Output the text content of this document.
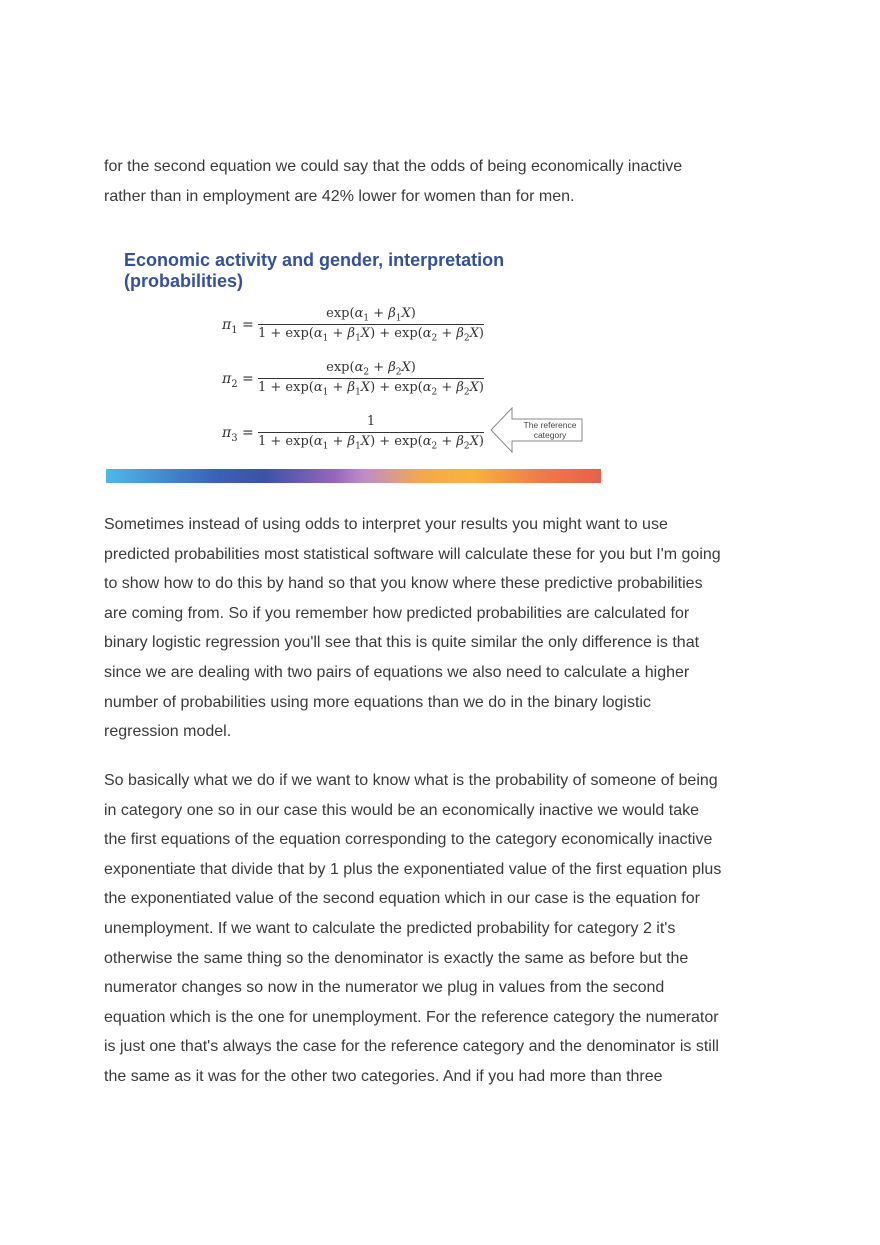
for the second equation we could say that the odds of being economically inactive
rather than in employment are 42% lower for women than for men.

Economic activity and gender, interpretation
(probabilities)
$\pi_1$ =
$\exp(\alpha_1 + \beta_1X)$
$1 + \exp(\alpha_1 + \beta_1X) + \exp(\alpha_2 + \beta_2X)$
$\pi_2$ =
$\exp(\alpha_2 + \beta_2X)$
$1 + \exp(\alpha_1 + \beta_1X) + \exp(\alpha_2 + \beta_2X)$
$\pi_3$ =
1
$1 + \exp(\alpha_1 + \beta_1X) + \exp(\alpha_2 + \beta_2X)$
The reference
category

Sometimes instead of using odds to interpret your results you might want to use
predicted probabilities most statistical software will calculate these for you but I'm going
to show how to do this by hand so that you know where these predictive probabilities
are coming from. So if you remember how predicted probabilities are calculated for
binary logistic regression you'll see that this is quite similar the only difference is that
since we are dealing with two pairs of equations we also need to calculate a higher
number of probabilities using more equations than we do in the binary logistic
regression model.

So basically what we do if we want to know what is the probability of someone of being
in category one so in our case this would be an economically inactive we would take
the first equations of the equation corresponding to the category economically inactive
exponentiate that divide that by 1 plus the exponentiated value of the first equation plus
the exponentiated value of the second equation which in our case is the equation for
unemployment. If we want to calculate the predicted probability for category 2 it's
otherwise the same thing so the denominator is exactly the same as before but the
numerator changes so now in the numerator we plug in values from the second
equation which is the one for unemployment. For the reference category the numerator
is just one that's always the case for the reference category and the denominator is still
the same as it was for the other two categories. And if you had more than three
